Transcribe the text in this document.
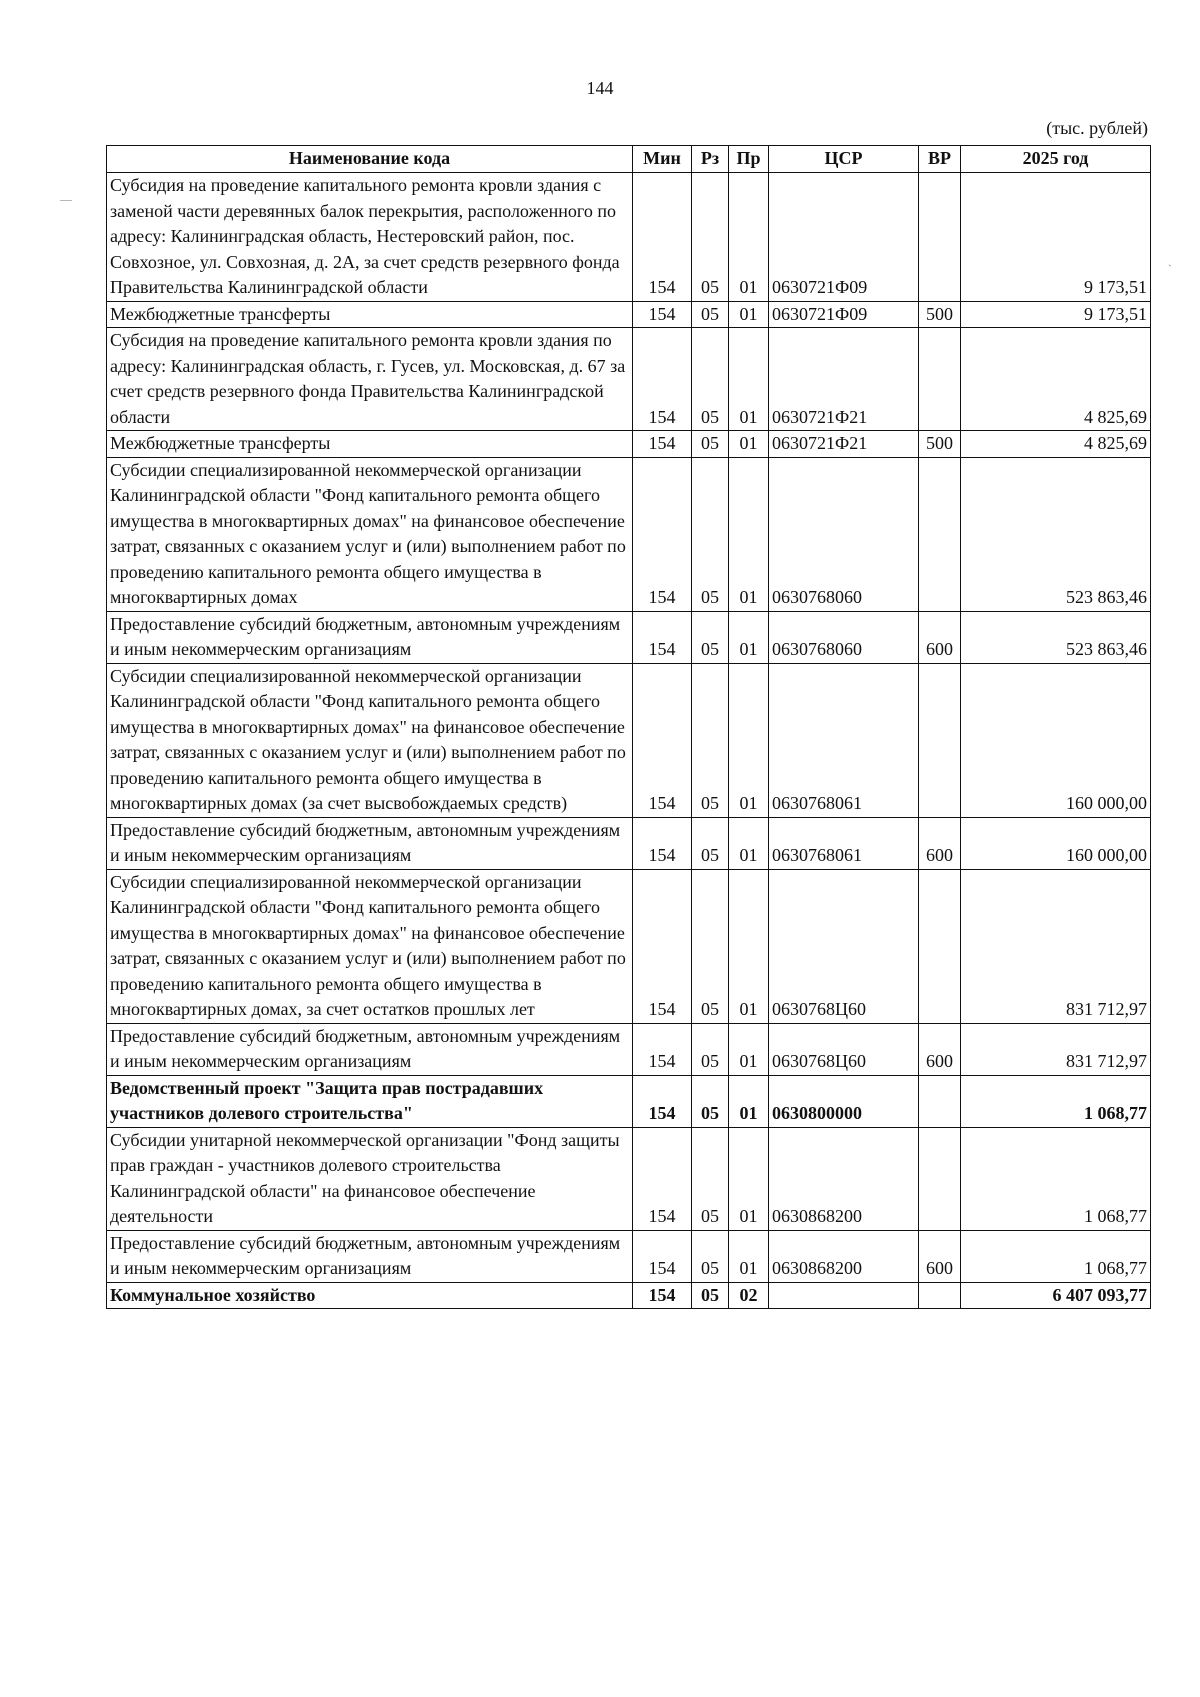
144
(тыс. рублей)
Наименование кода	Мин	Рз	Пр	ЦСР	ВР	2025 год
Субсидия на проведение капитального ремонта кровли здания с заменой части деревянных балок перекрытия, расположенного по адресу: Калининградская область, Нестеровский район, пос. Совхозное, ул. Совхозная, д. 2А, за счет средств резервного фонда Правительства Калининградской области	154	05	01	0630721Ф09		9 173,51
Межбюджетные трансферты	154	05	01	0630721Ф09	500	9 173,51
Субсидия на проведение капитального ремонта кровли здания по адресу: Калининградская область, г. Гусев, ул. Московская, д. 67 за счет средств резервного фонда Правительства Калининградской области	154	05	01	0630721Ф21		4 825,69
Межбюджетные трансферты	154	05	01	0630721Ф21	500	4 825,69
Субсидии специализированной некоммерческой организации Калининградской области "Фонд капитального ремонта общего имущества в многоквартирных домах" на финансовое обеспечение затрат, связанных с оказанием услуг и (или) выполнением работ по проведению капитального ремонта общего имущества в многоквартирных домах	154	05	01	0630768060		523 863,46
Предоставление субсидий бюджетным, автономным учреждениям и иным некоммерческим организациям	154	05	01	0630768060	600	523 863,46
Субсидии специализированной некоммерческой организации Калининградской области "Фонд капитального ремонта общего имущества в многоквартирных домах" на финансовое обеспечение затрат, связанных с оказанием услуг и (или) выполнением работ по проведению капитального ремонта общего имущества в многоквартирных домах (за счет высвобождаемых средств)	154	05	01	0630768061		160 000,00
Предоставление субсидий бюджетным, автономным учреждениям и иным некоммерческим организациям	154	05	01	0630768061	600	160 000,00
Субсидии специализированной некоммерческой организации Калининградской области "Фонд капитального ремонта общего имущества в многоквартирных домах" на финансовое обеспечение затрат, связанных с оказанием услуг и (или) выполнением работ по проведению капитального ремонта общего имущества в многоквартирных домах, за счет остатков прошлых лет	154	05	01	0630768Ц60		831 712,97
Предоставление субсидий бюджетным, автономным учреждениям и иным некоммерческим организациям	154	05	01	0630768Ц60	600	831 712,97
Ведомственный проект "Защита прав пострадавших участников долевого строительства"	154	05	01	0630800000		1 068,77
Субсидии унитарной некоммерческой организации "Фонд защиты прав граждан - участников долевого строительства Калининградской области" на финансовое обеспечение деятельности	154	05	01	0630868200		1 068,77
Предоставление субсидий бюджетным, автономным учреждениям и иным некоммерческим организациям	154	05	01	0630868200	600	1 068,77
Коммунальное хозяйство	154	05	02			6 407 093,77
—
ˋ
